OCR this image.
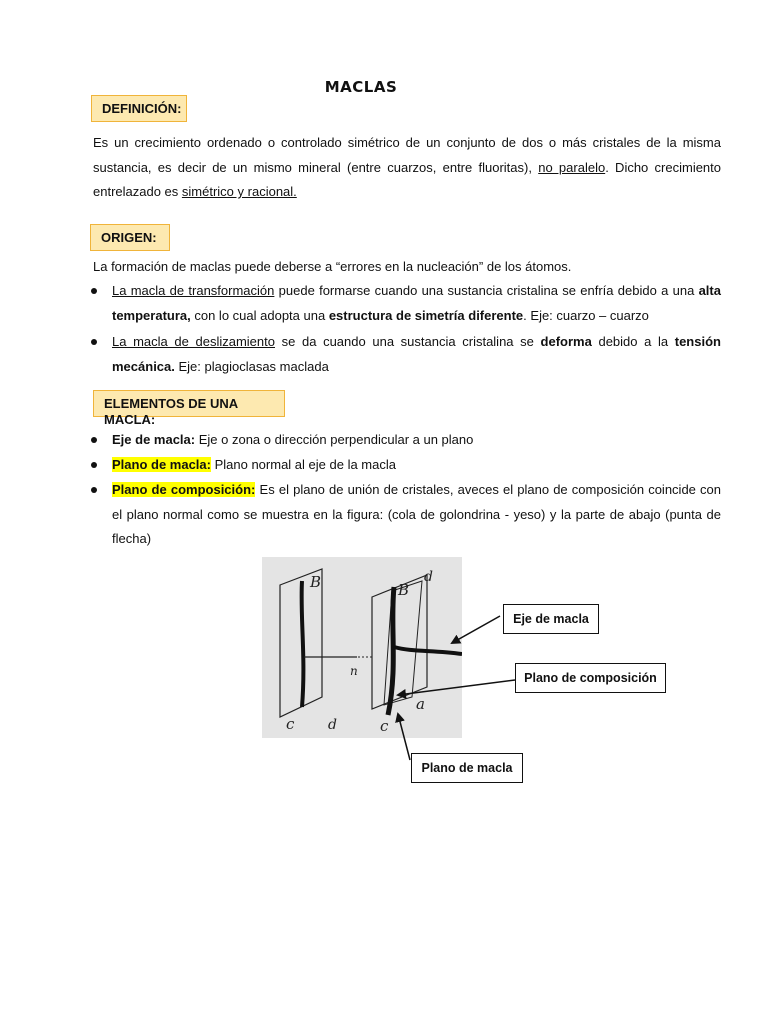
MACLAS
DEFINICIÓN:
Es un crecimiento ordenado o controlado simétrico de un conjunto de dos o más cristales de la misma sustancia, es decir de un mismo mineral (entre cuarzos, entre fluoritas), no paralelo. Dicho crecimiento entrelazado es simétrico y racional.
ORIGEN:
La formación de maclas puede deberse a “errores en la nucleación” de los átomos.
La macla de transformación puede formarse cuando una sustancia cristalina se enfría debido a una alta temperatura, con lo cual adopta una estructura de simetría diferente. Eje: cuarzo – cuarzo
La macla de deslizamiento se da cuando una sustancia cristalina se deforma debido a la tensión mecánica. Eje: plagioclasas maclada
ELEMENTOS DE UNA MACLA:
Eje de macla: Eje o zona o dirección perpendicular a un plano
Plano de macla: Plano normal al eje de la macla
Plano de composición: Es el plano de unión de cristales, aveces el plano de composición coincide con el plano normal como se muestra en la figura: (cola de golondrina - yeso) y la parte de abajo (punta de flecha)
B	B
d
n
c d	c
a
Eje de macla
Plano de composición
Plano de macla
